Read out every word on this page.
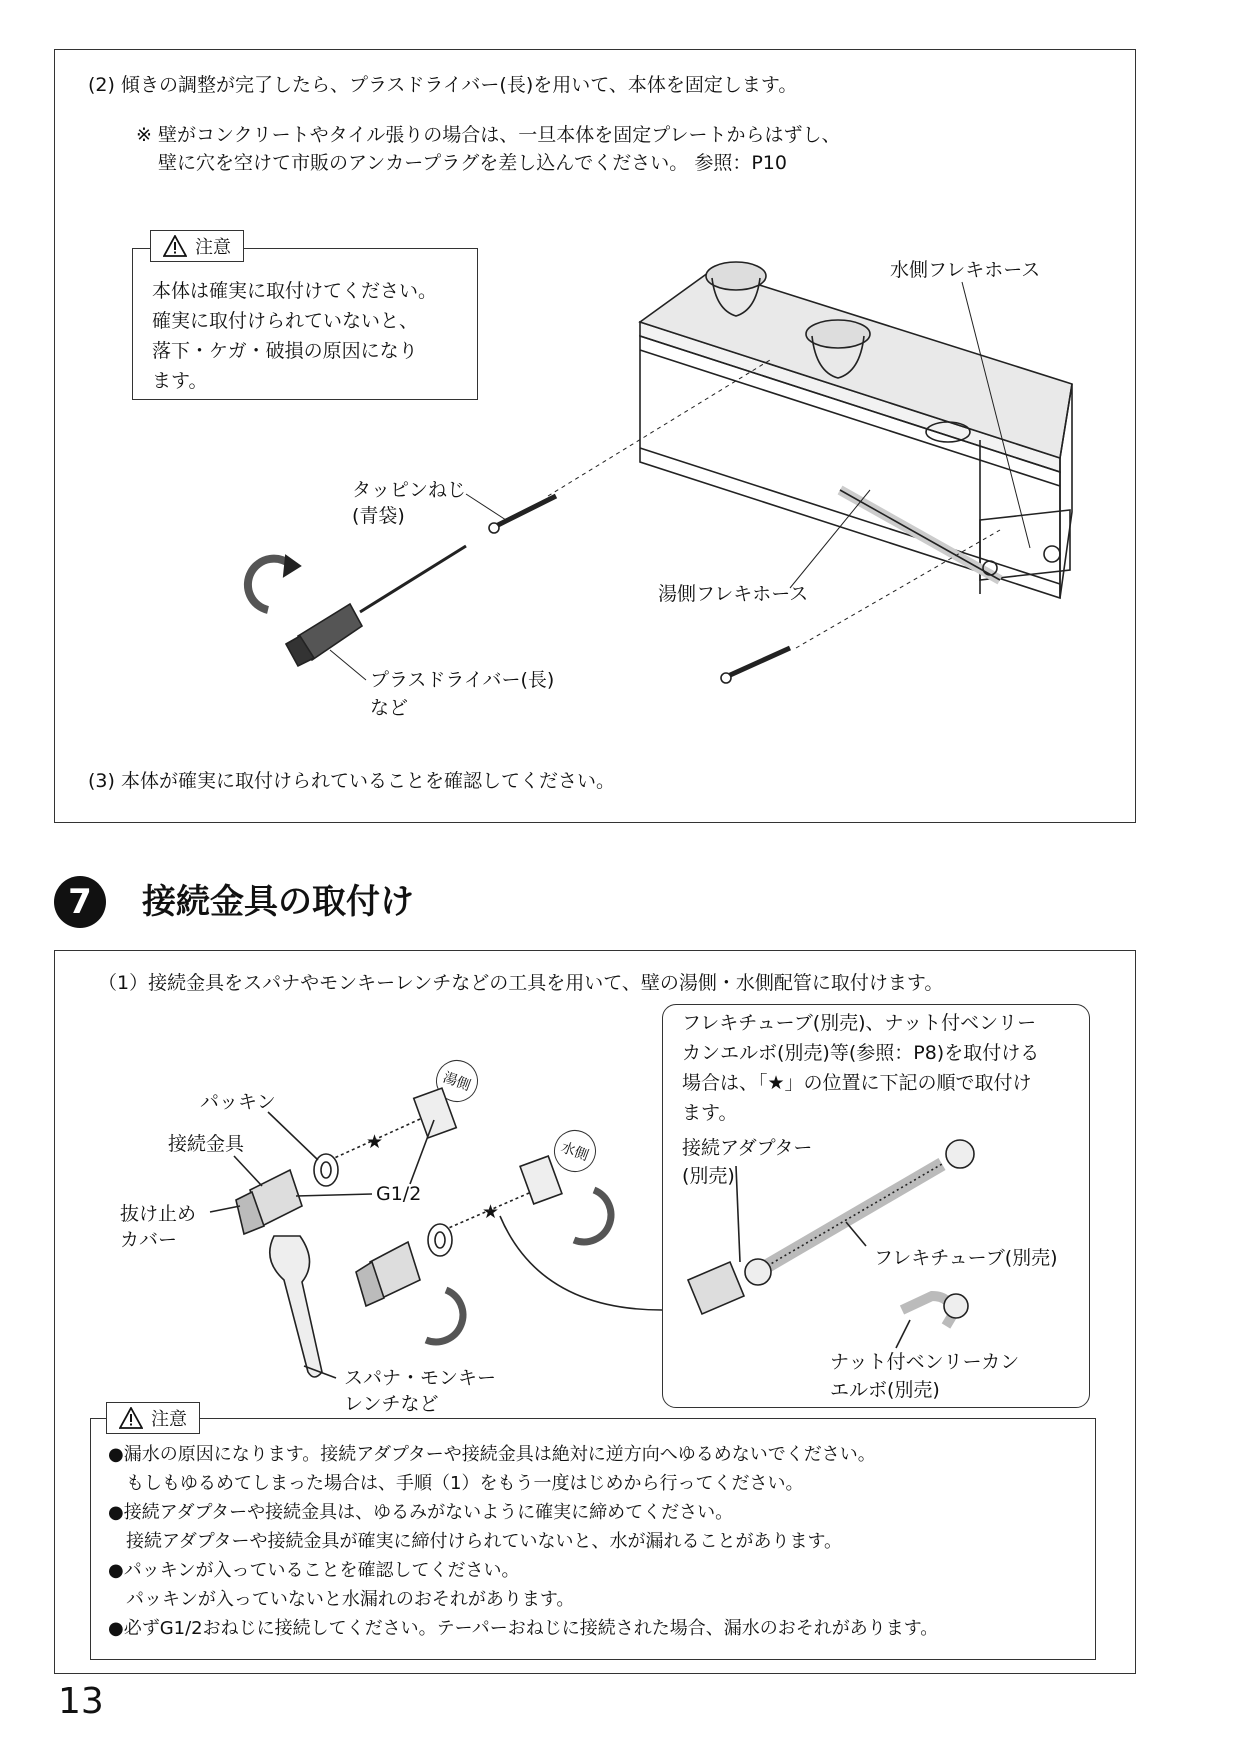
(2) 傾きの調整が完了したら、プラスドライバー(長)を用いて、本体を固定します。
※ 壁がコンクリートやタイル張りの場合は、一旦本体を固定プレートからはずし、
壁に穴を空けて市販のアンカープラグを差し込んでください。 参照：P10
注意
本体は確実に取付けてください。
確実に取付けられていないと、
落下・ケガ・破損の原因になり
ます。
水側フレキホース
タッピンねじ
(青袋)
湯側フレキホース
プラスドライバー(長)
など
(3) 本体が確実に取付けられていることを確認してください。
7	接続金具の取付け
（1）接続金具をスパナやモンキーレンチなどの工具を用いて、壁の湯側・水側配管に取付けます。
フレキチューブ(別売)、ナット付ベンリー
カンエルボ(別売)等(参照：P8)を取付ける
場合は、「★」の位置に下記の順で取付け
ます。
接続アダプター
(別売)
フレキチューブ(別売)
ナット付ベンリーカン
エルボ(別売)
パッキン
接続金具
抜け止め
カバー
G1/2
スパナ・モンキー
レンチなど
★
★
湯側
水側
注意
●漏水の原因になります。接続アダプターや接続金具は絶対に逆方向へゆるめないでください。
　もしもゆるめてしまった場合は、手順（1）をもう一度はじめから行ってください。
●接続アダプターや接続金具は、ゆるみがないように確実に締めてください。
　接続アダプターや接続金具が確実に締付けられていないと、水が漏れることがあります。
●パッキンが入っていることを確認してください。
　パッキンが入っていないと水漏れのおそれがあります。
●必ずG1/2おねじに接続してください。テーパーおねじに接続された場合、漏水のおそれがあります。
13
